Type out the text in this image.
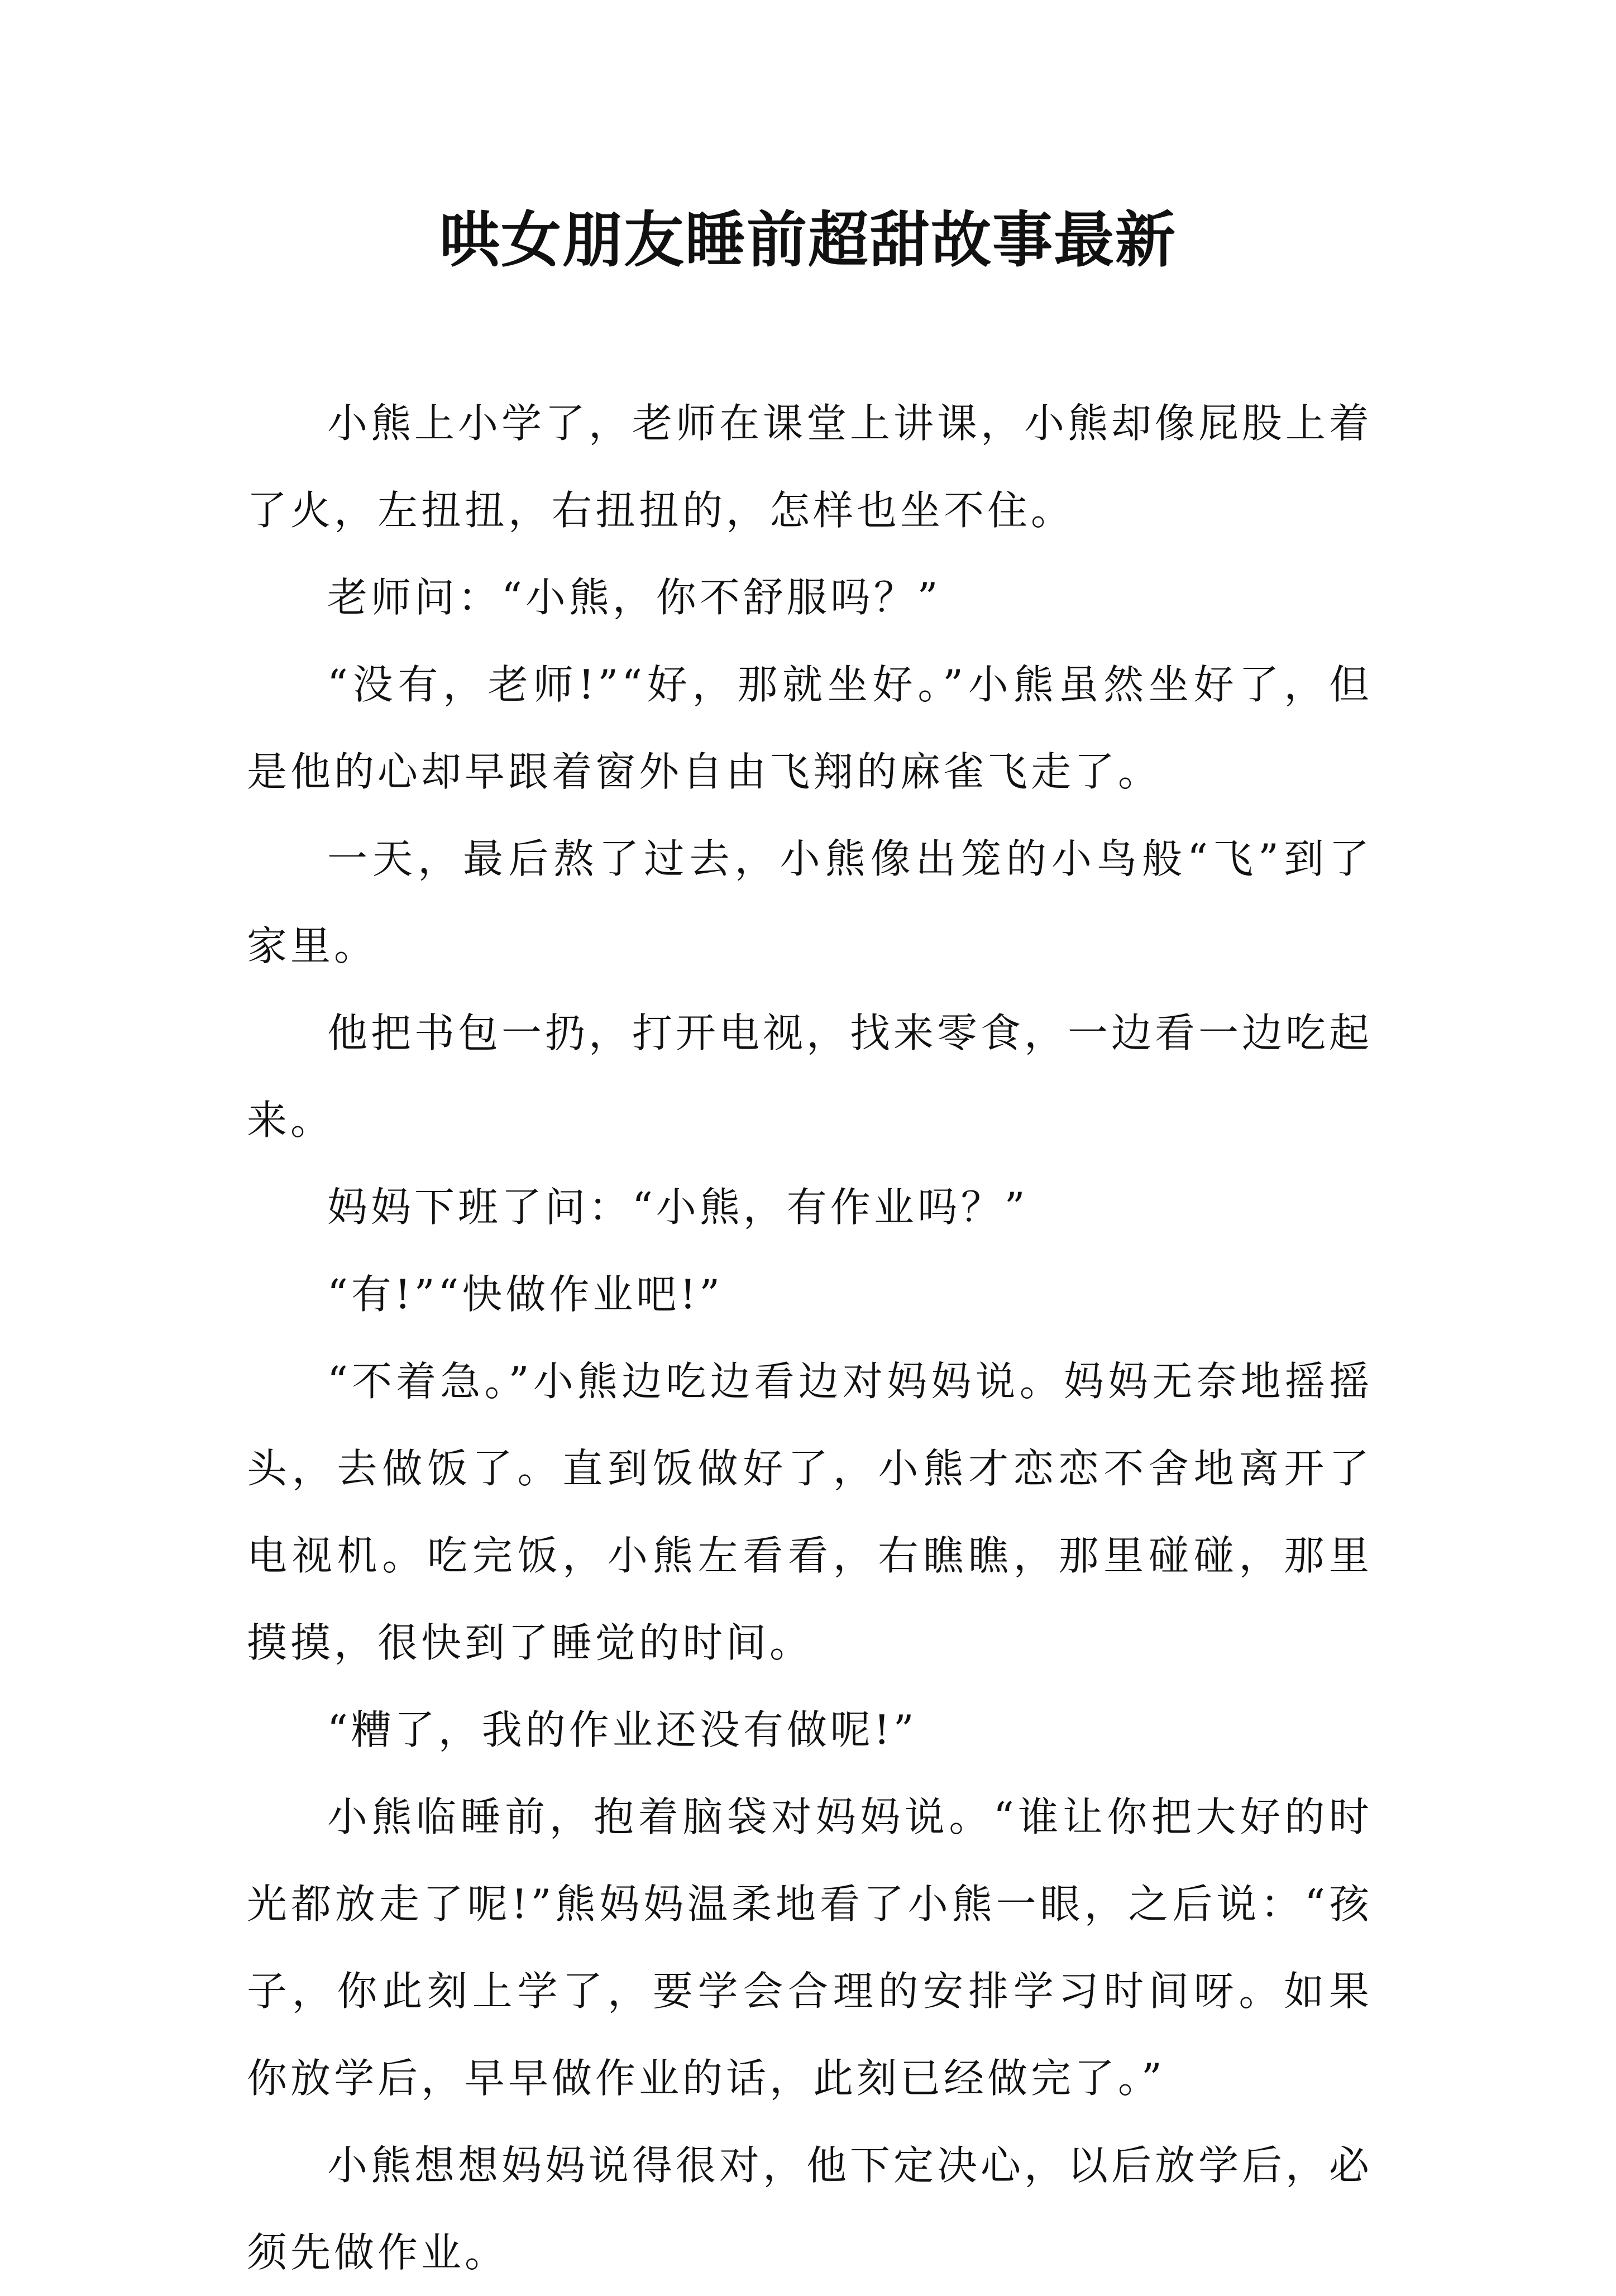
哄女朋友睡前超甜故事最新

小熊上小学了，老师在课堂上讲课，小熊却像屁股上着了火，左扭扭，右扭扭的，怎样也坐不住。

老师问：“小熊，你不舒服吗？”

“没有，老师!”“好，那就坐好。”小熊虽然坐好了，但是他的心却早跟着窗外自由飞翔的麻雀飞走了。

一天，最后熬了过去，小熊像出笼的小鸟般“飞”到了家里。

他把书包一扔，打开电视，找来零食，一边看一边吃起来。

妈妈下班了问：“小熊，有作业吗？”

“有!”“快做作业吧!”

“不着急。”小熊边吃边看边对妈妈说。妈妈无奈地摇摇头，去做饭了。直到饭做好了，小熊才恋恋不舍地离开了电视机。吃完饭，小熊左看看，右瞧瞧，那里碰碰，那里摸摸，很快到了睡觉的时间。

“糟了，我的作业还没有做呢!”

小熊临睡前，抱着脑袋对妈妈说。“谁让你把大好的时光都放走了呢!”熊妈妈温柔地看了小熊一眼，之后说：“孩子，你此刻上学了，要学会合理的安排学习时间呀。如果你放学后，早早做作业的话，此刻已经做完了。”

小熊想想妈妈说得很对，他下定决心，以后放学后，必须先做作业。
